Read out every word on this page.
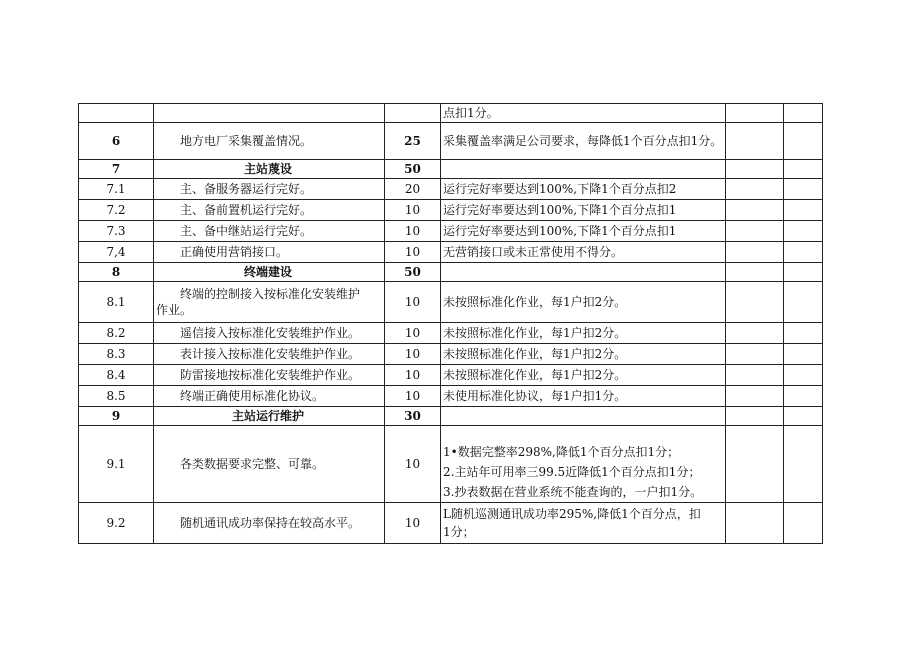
			点扣1分。		
6	地方电厂采集覆盖情况。	25	采集覆盖率满足公司要求，每降低1个百分点扣1分。		
7	主站蔑设	50			
7.1	主、备服务器运行完好。	20	运行完好率要达到100%,下降1个百分点扣2		
7.2	主、备前置机运行完好。	10	运行完好率要达到100%,下降1个百分点扣1		
7.3	主、备中继站运行完好。	10	运行完好率要达到100%,下降1个百分点扣1		
7,4	正确使用营销接口。	10	无营销接口或未正常使用不得分。		
8	终端建设	50			
8.1	终端的控制接入按标准化安装维护
作业。	10	未按照标准化作业，每1户扣2分。		
8.2	遥信接入按标准化安装维护作业。	10	未按照标准化作业，每1户扣2分。		
8.3	表计接入按标准化安装维护作业。	10	未按照标准化作业，每1户扣2分。		
8.4	防雷接地按标准化安装维护作业。	10	未按照标准化作业，每1户扣2分。		
8.5	终端正确使用标准化协议。	10	未使用标准化协议，每1户扣1分。		
9	主站运行维护	30			
9.1	各类数据要求完整、可靠。	10	1•数据完整率298%,降低1个百分点扣1分；
2.主站年可用率三99.5近降低1个百分点扣1分；
3.抄表数据在营业系统不能查询的，一户扣1分。		

9.2	随机通讯成功率保持在较高水平。	10	L随机巡测通讯成功率295%,降低1个百分点，扣
1分；		
